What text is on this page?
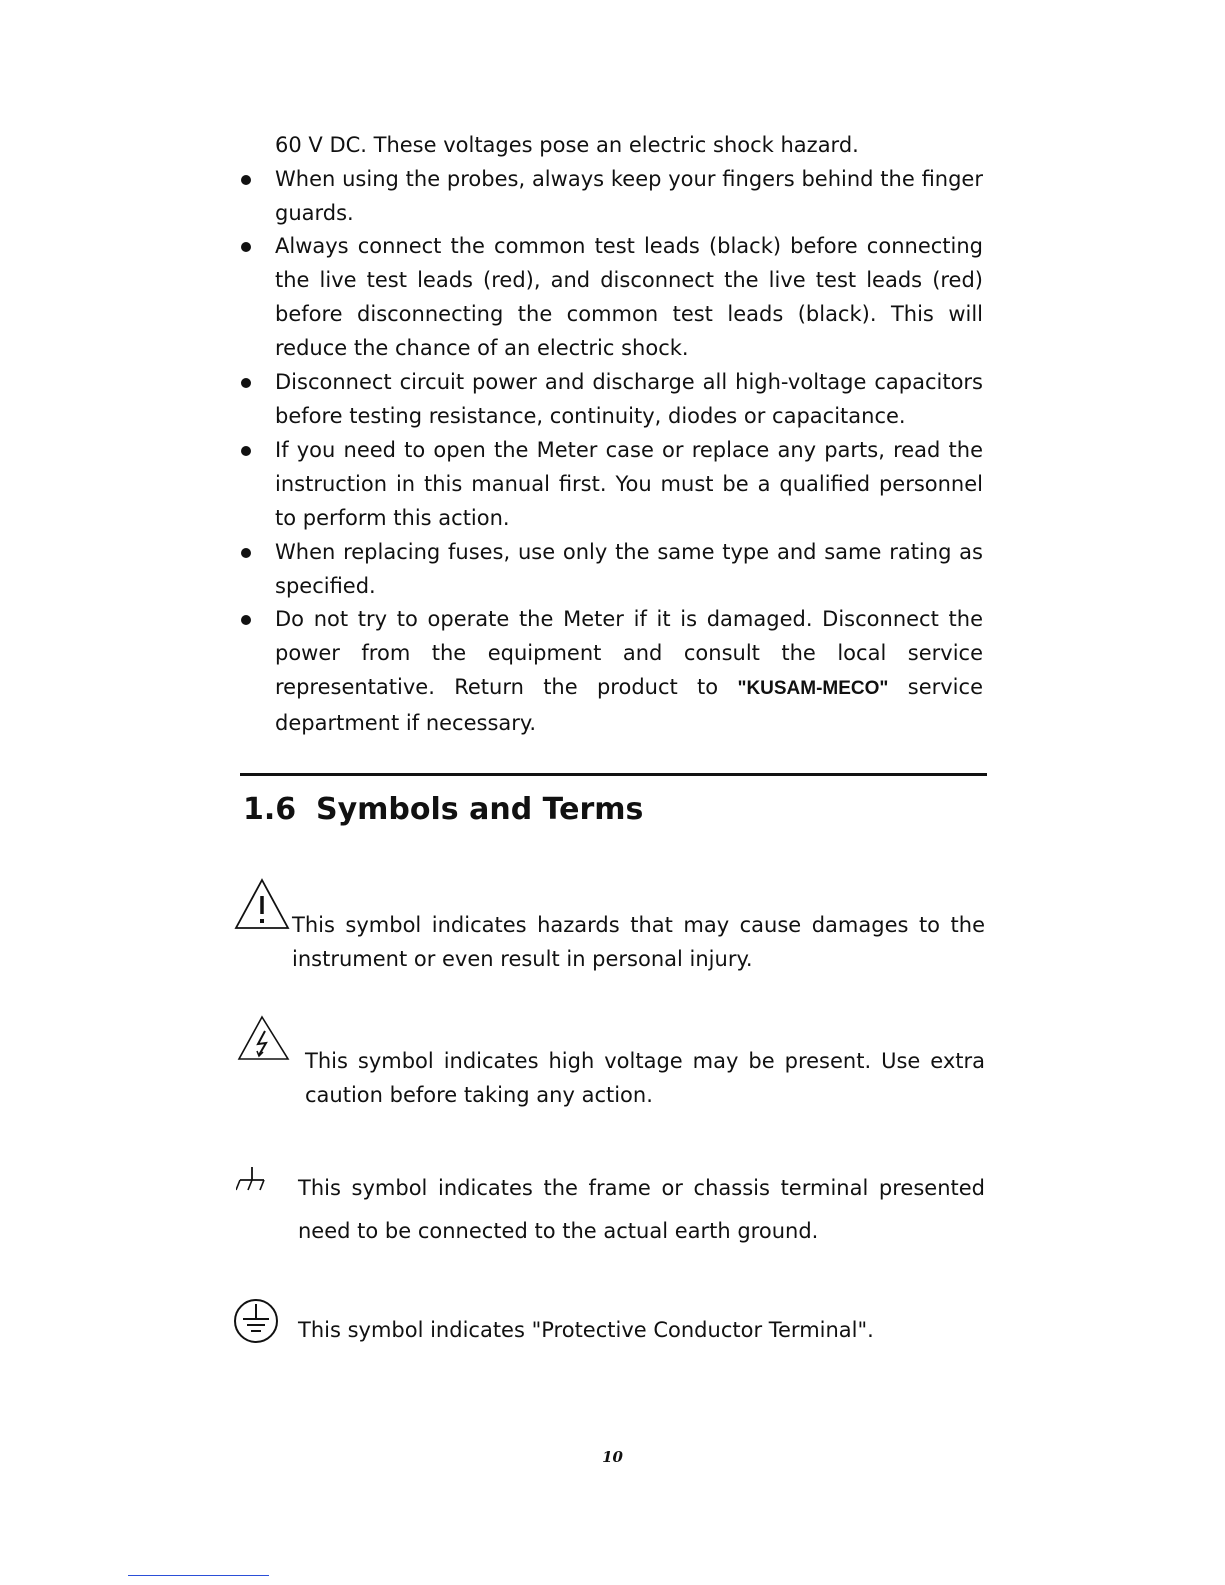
60 V DC. These voltages pose an electric shock hazard.
When using the probes, always keep your fingers behind the finger guards.
Always connect the common test leads (black) before connecting the live test leads (red), and disconnect the live test leads (red) before disconnecting the common test leads (black). This will reduce the chance of an electric shock.
Disconnect circuit power and discharge all high-voltage capacitors before testing resistance, continuity, diodes or capacitance.
If you need to open the Meter case or replace any parts, read the instruction in this manual first. You must be a qualified personnel to perform this action.
When replacing fuses, use only the same type and same rating as specified.
Do not try to operate the Meter if it is damaged. Disconnect the power from the equipment and consult the local service representative. Return the product to "KUSAM-MECO" service department if necessary.
1.6 Symbols and Terms
This symbol indicates hazards that may cause damages to the instrument or even result in personal injury.
This symbol indicates high voltage may be present. Use extra caution before taking any action.
This symbol indicates the frame or chassis terminal presented need to be connected to the actual earth ground.
This symbol indicates "Protective Conductor Terminal".
10
